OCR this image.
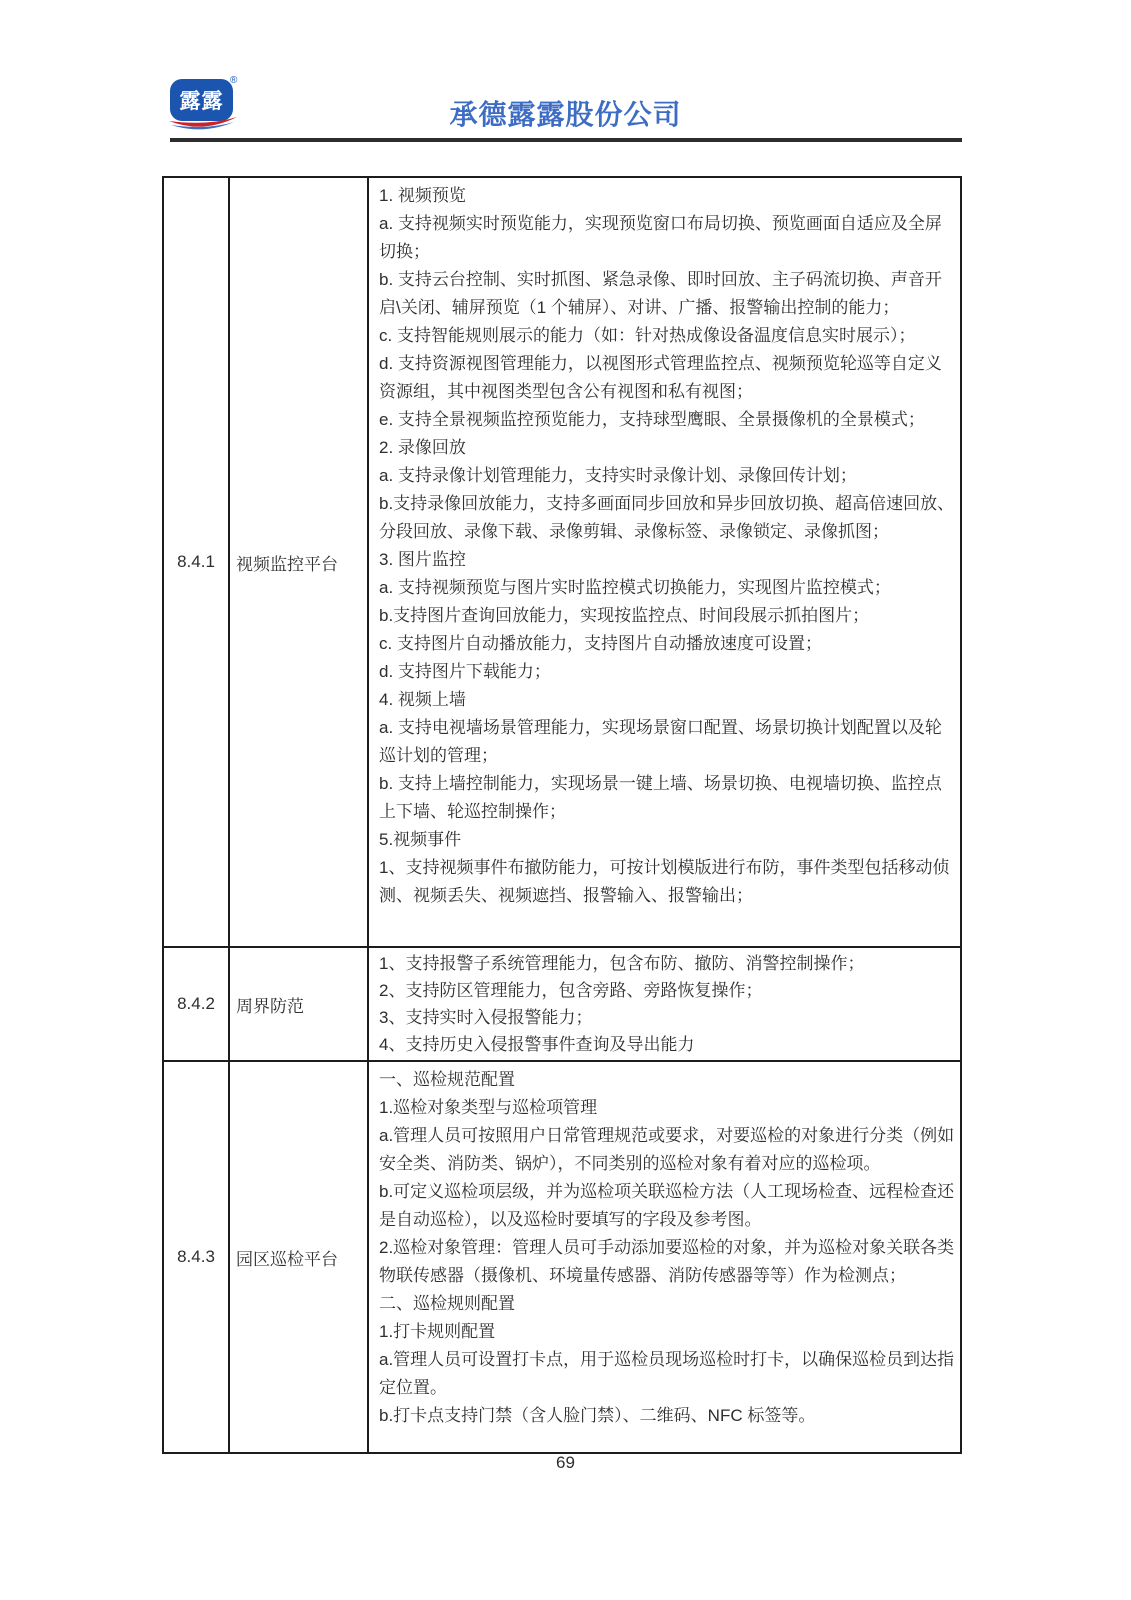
露露
®
承德露露股份公司
8.4.1	视频监控平台	
1. 视频预览
a. 支持视频实时预览能力，实现预览窗口布局切换、预览画面自适应及全屏
切换；
b. 支持云台控制、实时抓图、紧急录像、即时回放、主子码流切换、声音开
启\关闭、辅屏预览（1 个辅屏）、对讲、广播、报警输出控制的能力；
c. 支持智能规则展示的能力（如：针对热成像设备温度信息实时展示）；
d. 支持资源视图管理能力，以视图形式管理监控点、视频预览轮巡等自定义
资源组，其中视图类型包含公有视图和私有视图；
e. 支持全景视频监控预览能力，支持球型鹰眼、全景摄像机的全景模式；
2. 录像回放
a. 支持录像计划管理能力，支持实时录像计划、录像回传计划；
b.支持录像回放能力，支持多画面同步回放和异步回放切换、超高倍速回放、
分段回放、录像下载、录像剪辑、录像标签、录像锁定、录像抓图；
3. 图片监控
a. 支持视频预览与图片实时监控模式切换能力，实现图片监控模式；
b.支持图片查询回放能力，实现按监控点、时间段展示抓拍图片；
c. 支持图片自动播放能力，支持图片自动播放速度可设置；
d. 支持图片下载能力；
4. 视频上墙
a. 支持电视墙场景管理能力，实现场景窗口配置、场景切换计划配置以及轮
巡计划的管理；
b. 支持上墙控制能力，实现场景一键上墙、场景切换、电视墙切换、监控点
上下墙、轮巡控制操作；
5.视频事件
1、支持视频事件布撤防能力，可按计划模版进行布防，事件类型包括移动侦
测、视频丢失、视频遮挡、报警输入、报警输出；

8.4.2	周界防范	1、支持报警子系统管理能力，包含布防、撤防、消警控制操作；
2、支持防区管理能力，包含旁路、旁路恢复操作；
3、支持实时入侵报警能力；
4、支持历史入侵报警事件查询及导出能力

8.4.3	园区巡检平台	
一、巡检规范配置
1.巡检对象类型与巡检项管理
a.管理人员可按照用户日常管理规范或要求，对要巡检的对象进行分类（例如
安全类、消防类、锅炉），不同类别的巡检对象有着对应的巡检项。
b.可定义巡检项层级，并为巡检项关联巡检方法（人工现场检查、远程检查还
是自动巡检），以及巡检时要填写的字段及参考图。
2.巡检对象管理：管理人员可手动添加要巡检的对象，并为巡检对象关联各类
物联传感器（摄像机、环境量传感器、消防传感器等等）作为检测点；
二、巡检规则配置
1.打卡规则配置
a.管理人员可设置打卡点，用于巡检员现场巡检时打卡，以确保巡检员到达指
定位置。
b.打卡点支持门禁（含人脸门禁）、二维码、NFC 标签等。
69
